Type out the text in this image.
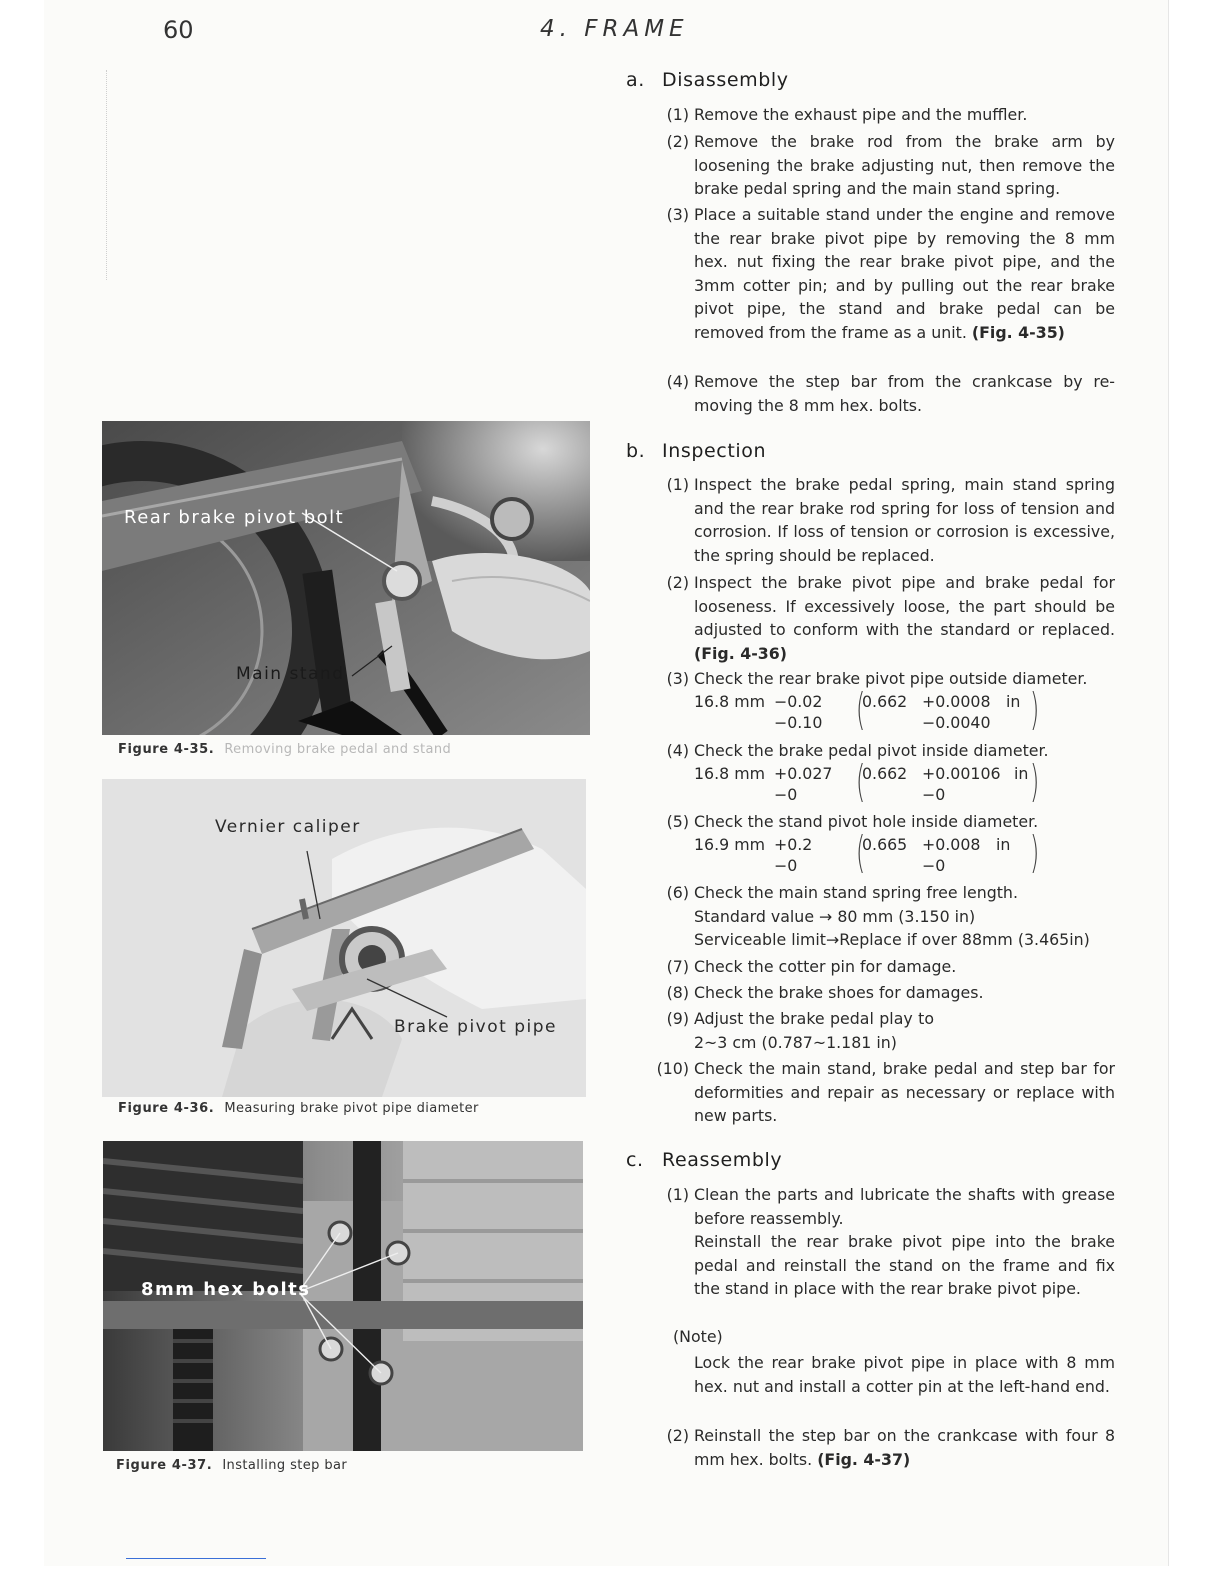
60	4. FRAME
Rear brake pivot bolt
Main stand
Figure 4-35. Removing brake pedal and stand
Vernier caliper
Brake pivot pipe
Figure 4-36. Measuring brake pivot pipe diameter
8mm hex bolts
Figure 4-37. Installing step bar
a. Disassembly
(1) Remove the exhaust pipe and the muffler.
(2) Remove the brake rod from the brake arm by loosening the brake adjusting nut, then remove the brake pedal spring and the main stand spring.
(3) Place a suitable stand under the engine and remove the rear brake pivot pipe by removing the 8 mm hex. nut fixing the rear brake pivot pipe, and the 3mm cotter pin; and by pulling out the rear brake pivot pipe, the stand and brake pedal can be removed from the frame as a unit. (Fig. 4-35)
(4) Remove the step bar from the crankcase by re-moving the 8 mm hex. bolts.
b. Inspection
(1) Inspect the brake pedal spring, main stand spring and the rear brake rod spring for loss of tension and corrosion. If loss of tension or corrosion is excessive, the spring should be replaced.
(2) Inspect the brake pivot pipe and brake pedal for looseness. If excessively loose, the part should be adjusted to conform with the standard or replaced. (Fig. 4-36)
(3) Check the rear brake pivot pipe outside diameter.
16.8 mm −0.02
−0.10 (
0.662 +0.0008 in
−0.0040 )
(4) Check the brake pedal pivot inside diameter.
16.8 mm +0.027
−0 (
0.662 +0.00106 in
−0 )
(5) Check the stand pivot hole inside diameter.
16.9 mm +0.2
−0 (
0.665 +0.008 in
−0 )
(6) Check the main stand spring free length.
Standard value → 80 mm (3.150 in)
Serviceable limit→Replace if over 88mm (3.465in)
(7) Check the cotter pin for damage.
(8) Check the brake shoes for damages.
(9) Adjust the brake pedal play to 2~3 cm (0.787~1.181 in)
(10) Check the main stand, brake pedal and step bar for deformities and repair as necessary or replace with new parts.
c. Reassembly
(1) Clean the parts and lubricate the shafts with grease before reassembly.
Reinstall the rear brake pivot pipe into the brake pedal and reinstall the stand on the frame and fix the stand in place with the rear brake pivot pipe.
(Note)
Lock the rear brake pivot pipe in place with 8 mm hex. nut and install a cotter pin at the left-hand end.
(2) Reinstall the step bar on the crankcase with four 8 mm hex. bolts. (Fig. 4-37)
